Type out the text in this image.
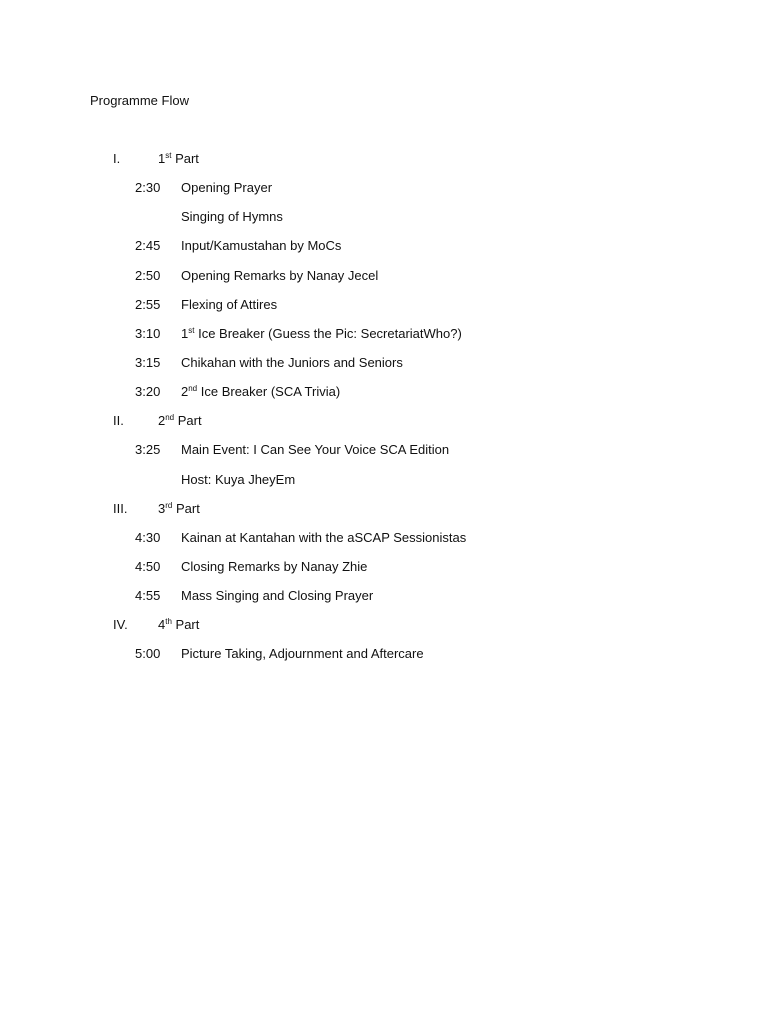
Programme Flow
I.	1st Part
2:30	Opening Prayer
Singing of Hymns
2:45	Input/Kamustahan by MoCs
2:50	Opening Remarks by Nanay Jecel
2:55	Flexing of Attires
3:10	1st Ice Breaker (Guess the Pic: SecretariatWho?)
3:15	Chikahan with the Juniors and Seniors
3:20	2nd Ice Breaker (SCA Trivia)
II.	2nd Part
3:25	Main Event: I Can See Your Voice SCA Edition
Host: Kuya JheyEm
III. 3rd Part
4:30	Kainan at Kantahan with the aSCAP Sessionistas
4:50	Closing Remarks by Nanay Zhie
4:55	Mass Singing and Closing Prayer
IV. 4th Part
5:00	Picture Taking, Adjournment and Aftercare
